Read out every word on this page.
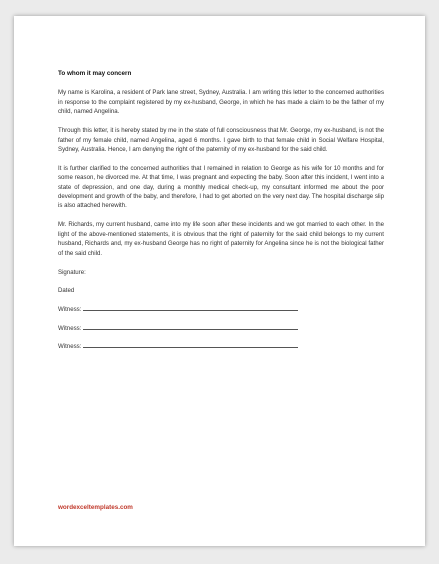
To whom it may concern

My name is Karolina, a resident of Park lane street, Sydney, Australia. I am writing this letter to the concerned authorities in response to the complaint registered by my ex-husband, George, in which he has made a claim to be the father of my child, named Angelina.

Through this letter, it is hereby stated by me in the state of full consciousness that Mr. George, my ex-husband, is not the father of my female child, named Angelina, aged 6 months. I gave birth to that female child in Social Welfare Hospital, Sydney, Australia. Hence, I am denying the right of the paternity of my ex-husband for the said child.

It is further clarified to the concerned authorities that I remained in relation to George as his wife for 10 months and for some reason, he divorced me. At that time, I was pregnant and expecting the baby. Soon after this incident, I went into a state of depression, and one day, during a monthly medical check-up, my consultant informed me about the poor development and growth of the baby, and therefore, I had to get aborted on the very next day. The hospital discharge slip is also attached herewith.

Mr. Richards, my current husband, came into my life soon after these incidents and we got married to each other. In the light of the above-mentioned statements, it is obvious that the right of paternity for the said child belongs to my current husband, Richards and, my ex-husband George has no right of paternity for Angelina since he is not the biological father of the said child.

Signature:
Dated
Witness:
Witness:
Witness:
wordexceltemplates.com
